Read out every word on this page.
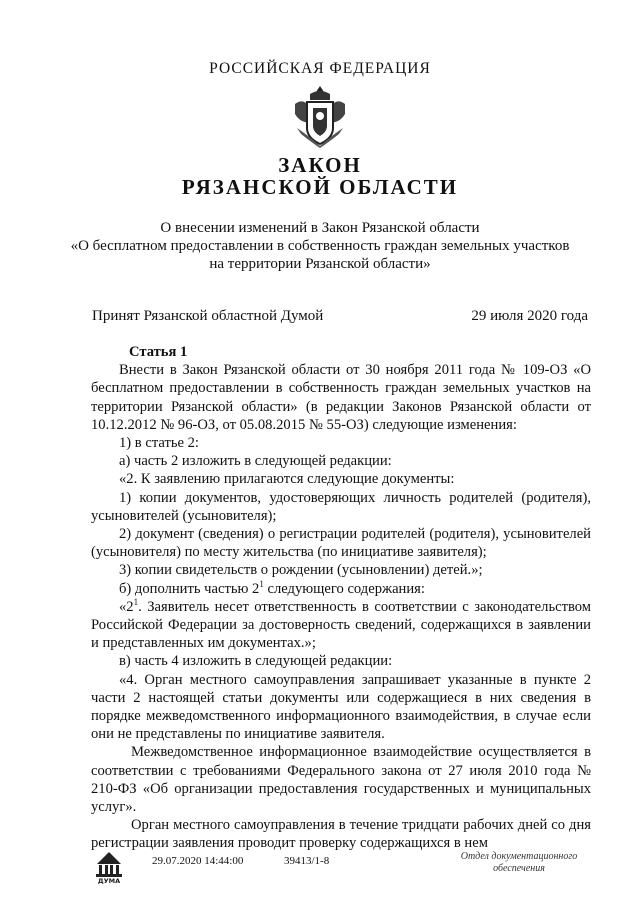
РОССИЙСКАЯ ФЕДЕРАЦИЯ
ЗАКОН
РЯЗАНСКОЙ ОБЛАСТИ
О внесении изменений в Закон Рязанской области
«О бесплатном предоставлении в собственность граждан земельных участков
на территории Рязанской области»
Принят Рязанской областной Думой	29 июля 2020 года

Статья 1

Внести в Закон Рязанской области от 30 ноября 2011 года № 109-ОЗ «О бесплатном предоставлении в собственность граждан земельных участков на территории Рязанской области» (в редакции Законов Рязанской области от 10.12.2012 № 96-ОЗ, от 05.08.2015 № 55-ОЗ) следующие изменения:

1) в статье 2:

а) часть 2 изложить в следующей редакции:

«2. К заявлению прилагаются следующие документы:

1) копии документов, удостоверяющих личность родителей (родителя), усыновителей (усыновителя);

2) документ (сведения) о регистрации родителей (родителя), усыновителей (усыновителя) по месту жительства (по инициативе заявителя);

3) копии свидетельств о рождении (усыновлении) детей.»;

б) дополнить частью $2^1$ следующего содержания:

«$2^1$. Заявитель несет ответственность в соответствии с законодательством Российской Федерации за достоверность сведений, содержащихся в заявлении и представленных им документах.»;

в) часть 4 изложить в следующей редакции:

«4. Орган местного самоуправления запрашивает указанные в пункте 2 части 2 настоящей статьи документы или содержащиеся в них сведения в порядке межведомственного информационного взаимодействия, в случае если они не представлены по инициативе заявителя.

Межведомственное информационное взаимодействие осуществляется в соответствии с требованиями Федерального закона от 27 июля 2010 года № 210-ФЗ «Об организации предоставления государственных и муниципальных услуг».

Орган местного самоуправления в течение тридцати рабочих дней со дня регистрации заявления проводит проверку содержащихся в нем

ДУМА
29.07.2020 14:44:00	39413/1-8	Отдел документационного
обеспечения
